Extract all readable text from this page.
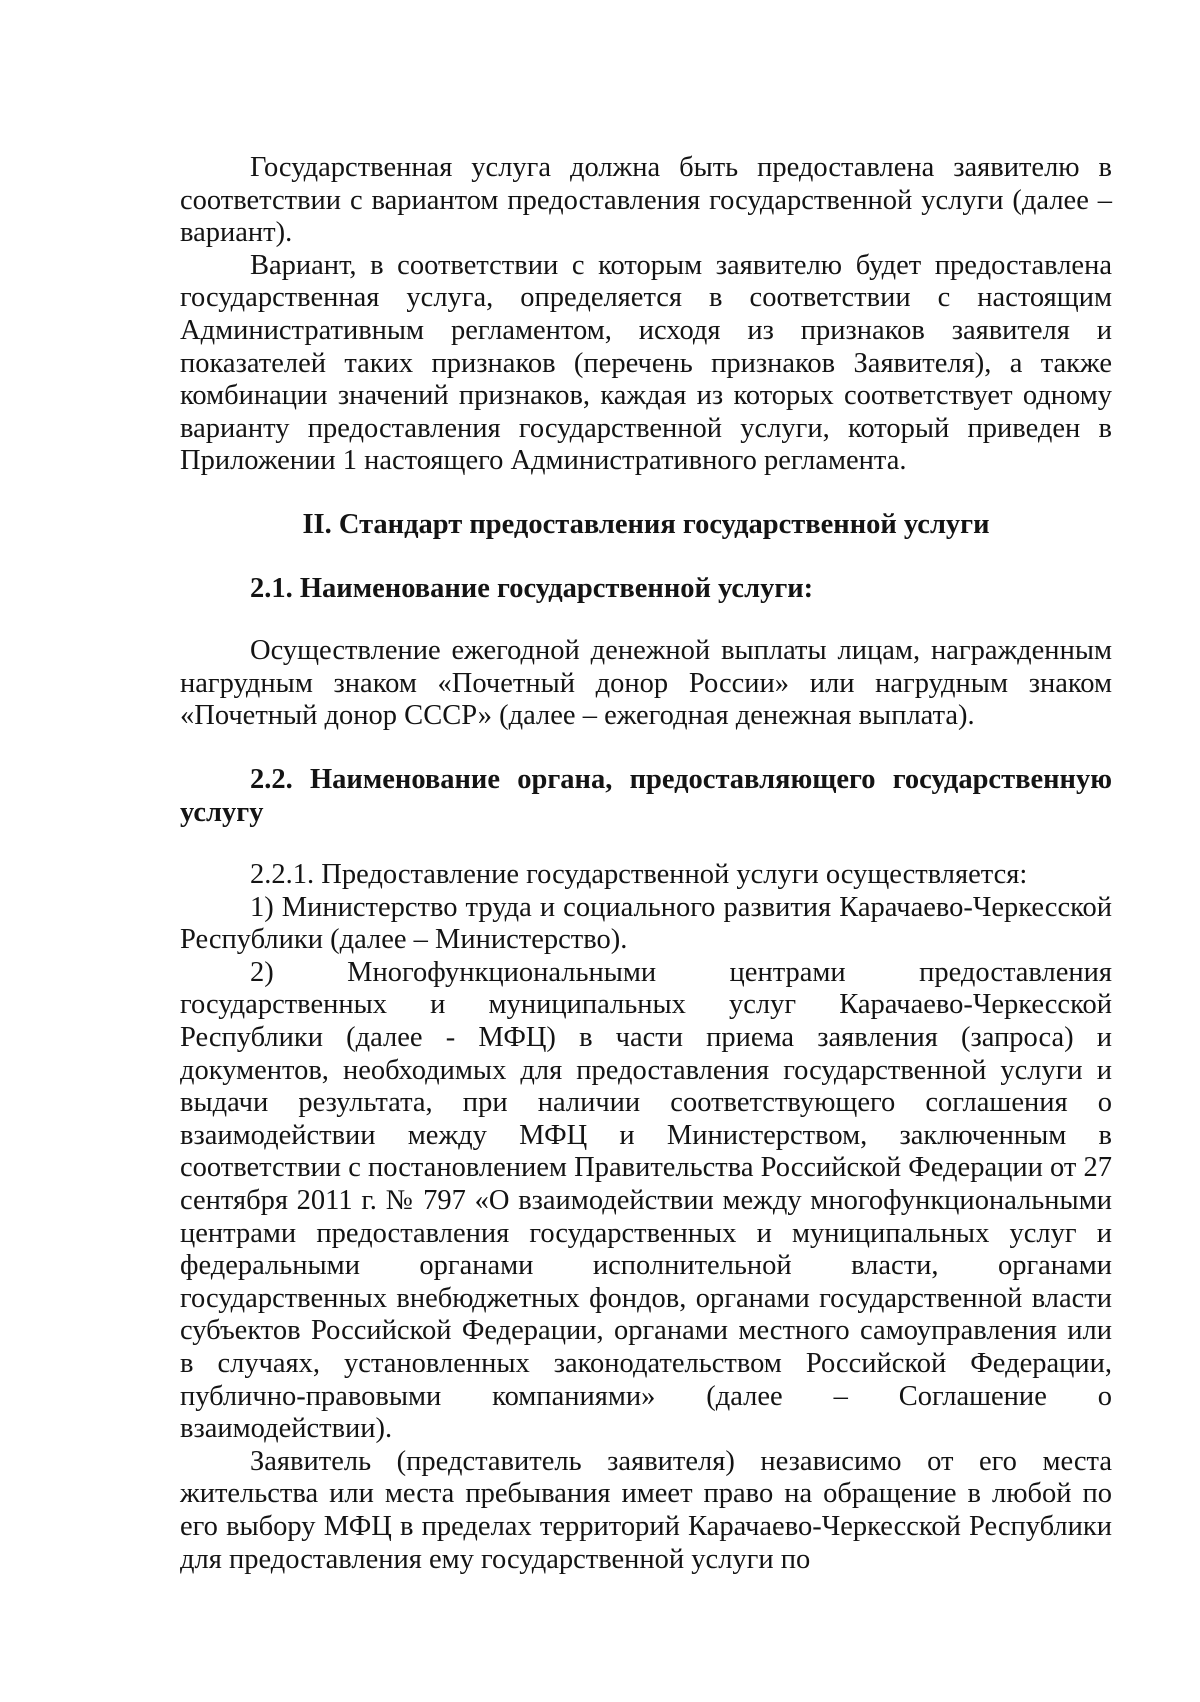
Государственная услуга должна быть предоставлена заявителю в соответствии с вариантом предоставления государственной услуги (далее – вариант).

Вариант, в соответствии с которым заявителю будет предоставлена государственная услуга, определяется в соответствии с настоящим Административным регламентом, исходя из признаков заявителя и показателей таких признаков (перечень признаков Заявителя), а также комбинации значений признаков, каждая из которых соответствует одному варианту предоставления государственной услуги, который приведен в Приложении 1 настоящего Административного регламента.

II. Стандарт предоставления государственной услуги

2.1. Наименование государственной услуги:

Осуществление ежегодной денежной выплаты лицам, награжденным нагрудным знаком «Почетный донор России» или нагрудным знаком «Почетный донор СССР» (далее – ежегодная денежная выплата).

2.2. Наименование органа, предоставляющего государственную услугу

2.2.1. Предоставление государственной услуги осуществляется:

1) Министерство труда и социального развития Карачаево-Черкесской Республики (далее – Министерство).

2) Многофункциональными центрами предоставления государственных и муниципальных услуг Карачаево-Черкесской Республики (далее - МФЦ) в части приема заявления (запроса) и документов, необходимых для предоставления государственной услуги и выдачи результата, при наличии соответствующего соглашения о взаимодействии между МФЦ и Министерством, заключенным в соответствии с постановлением Правительства Российской Федерации от 27 сентября 2011 г. № 797 «О взаимодействии между многофункциональными центрами предоставления государственных и муниципальных услуг и федеральными органами исполнительной власти, органами государственных внебюджетных фондов, органами государственной власти субъектов Российской Федерации, органами местного самоуправления или в случаях, установленных законодательством Российской Федерации, публично-правовыми компаниями» (далее – Соглашение о взаимодействии).

Заявитель (представитель заявителя) независимо от его места жительства или места пребывания имеет право на обращение в любой по его выбору МФЦ в пределах территорий Карачаево-Черкесской Республики для предоставления ему государственной услуги по
